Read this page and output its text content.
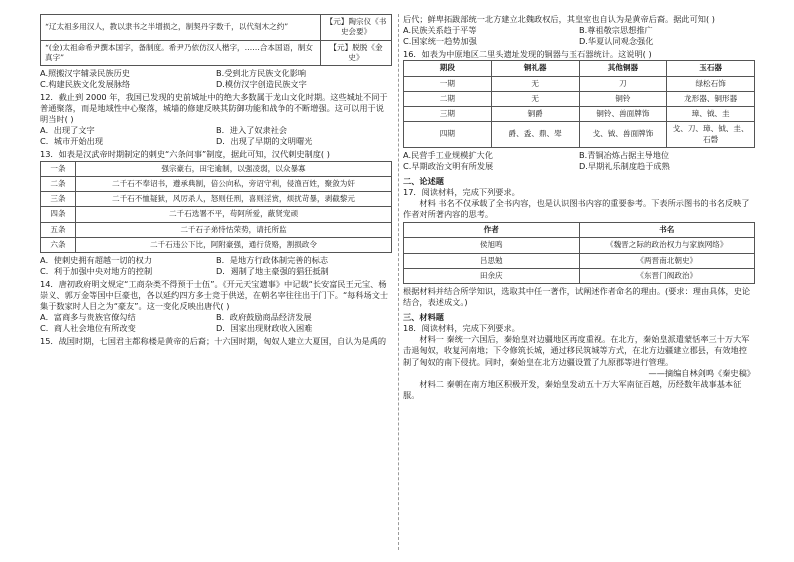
“辽太祖多用汉人，教以隶书之半增损之，制契丹字数千，以代刻木之约”	【元】陶宗仪《书史会要》
“(金)太祖命希尹撰本国字，备制度。希尹乃依仿汉人楷字，……合本国语，制女真字”	【元】脱脱《金史》
A.照搬汉字辅录民族历史	B.受到北方民族文化影响
C.构建民族文化发展脉络	D.模仿汉字创造民族文字

12．截止到 2000 年，我国已发现的史前城址中的绝大多数属于龙山文化时期。这些城址不同于普通聚落，而是地域性中心聚落，城墙的修建反映其防御功能和战争的不断增强。这可以用于说明当时( )

A．出现了文字	B．进入了奴隶社会
C．城市开始出现	D．出现了早期的文明曙光

13．如表是汉武帝时期制定的刺史“六条问事”制度，据此可知，汉代刺史制度( )

一条	强宗豪右，田宅逾制，以强凌弱，以众暴寡
二条	二千石不奉诏书，遵承典制，倍公向私，旁诏守利，侵渔百姓，聚敛为奸
三条	二千石不恤疑狱，风厉杀人，怒则任刑，喜则淫赏，烦扰苛暴，剥截黎元
四条	二千石选署不平，苟阿所爱，蔽贤宠顽
五条	二千石子弟恃怙荣势，请托所监
六条	二千石违公下比，阿附豪强，通行货赂，割损政令
A．使刺史拥有超越一切的权力	B．是地方行政体制完善的标志
C．利于加强中央对地方的控制	D．遏制了地主豪强的猖狂抵制

14．唐初政府明文规定“工商杂类不得预于士伍”。《开元天宝遗事》中记载“长安富民王元宝、杨崇义、郭万金等国中巨豪也，各以延约四方多士竞于供送，在朝名宰往往出于门下。“每科场文士集于数家时人目之为“豪友”。这一变化反映出唐代( )

A．富商多与贵族官僚勾结	B．政府鼓励商品经济发展
C．商人社会地位有所改变	D．国家出现财政收入困难

15．战国时期，七国君主都称楼是黄帝的后裔；十六国时期，匈奴人建立大夏国，自认为是禹的

后代；鲜卑拓跋部统一北方建立北魏政权后，其皇室也自认为是黄帝后裔。据此可知( )

A.民族关系趋于平等	B.尊祖敬宗思想推广
C.国家统一趋势加强	D.华夏认同观念强化

16．如表为中原地区二里头遗址发现的铜器与玉石器统计。这说明( )

期段	铜礼器	其他铜器	玉石器
一期	无	刀	绿松石饰
二期	无	铜铃	龙形器、铜形器
三期	铜爵	铜铃、兽面牌饰	璋、钺、圭
四期	爵、盉、鼎、斝	戈、钺、兽面牌饰	戈、刀、璋、钺、圭、石磬
A.民营手工业规模扩大化	B.青铜冶炼占据主导地位
C.早期政治文明有所发展	D.早期礼乐制度趋于成熟

二、论述题

17．阅读材料，完成下列要求。

材料 书名不仅承载了全书内容，也是认识图书内容的重要参考。下表所示图书的书名反映了作者对所著内容的思考。

作者	书名
侯旭鸣	《魏晋之际的政治权力与家族网络》
吕思勉	《两晋南北朝史》
田余庆	《东晋门阀政治》

根据材料并结合所学知识，选取其中任一著作，试阐述作者命名的理由。(要求：理由具体，史论结合，表述成文。)

三、材料题

18．阅读材料，完成下列要求。

材料一 秦统一六国后，秦始皇对边疆地区再度重视。在北方，秦始皇派遣蒙恬率三十万大军击退匈奴，收复河南地；下令修筑长城，通过移民筑城等方式，在北方边疆建立郡县，有效地控制了匈奴的南下侵扰。同时，秦始皇在北方边疆设置了九原郡等进行管理。

——摘编自林剑鸣《秦史稿》

材料二 秦朝在南方地区积极开发，秦始皇发动五十万大军南征百越，历经数年战事基本征服。
